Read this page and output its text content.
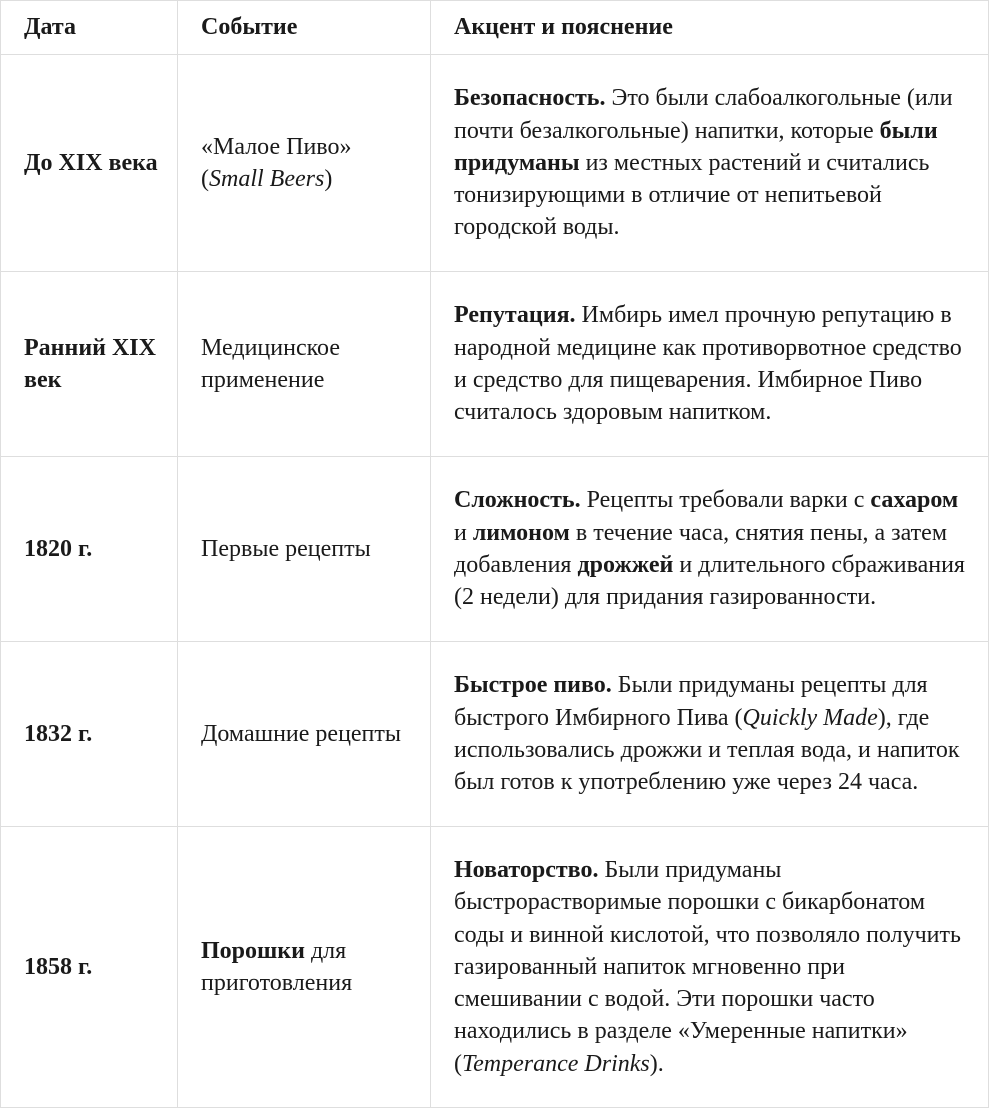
Дата	Событие	Акцент и пояснение
До XIX века	«Малое Пиво» (Small Beers)	Безопасность. Это были слабоалкогольные (или почти безалкогольные) напитки, которые были придуманы из местных растений и считались тонизирующими в отличие от непитьевой городской воды.
Ранний XIX век	Медицинское применение	Репутация. Имбирь имел прочную репутацию в народной медицине как противорвотное средство и средство для пищеварения. Имбирное Пиво считалось здоровым напитком.
1820 г.	Первые рецепты	Сложность. Рецепты требовали варки с сахаром и лимоном в течение часа, снятия пены, а затем добавления дрожжей и длительного сбраживания (2 недели) для придания газированности.
1832 г.	Домашние рецепты	Быстрое пиво. Были придуманы рецепты для быстрого Имбирного Пива (Quickly Made), где использовались дрожжи и теплая вода, и напиток был готов к употреблению уже через 24 часа.
1858 г.	Порошки для приготовления	Новаторство. Были придуманы быстрорастворимые порошки с бикарбонатом соды и винной кислотой, что позволяло получить газированный напиток мгновенно при смешивании с водой. Эти порошки часто находились в разделе «Умеренные напитки» (Temperance Drinks).
